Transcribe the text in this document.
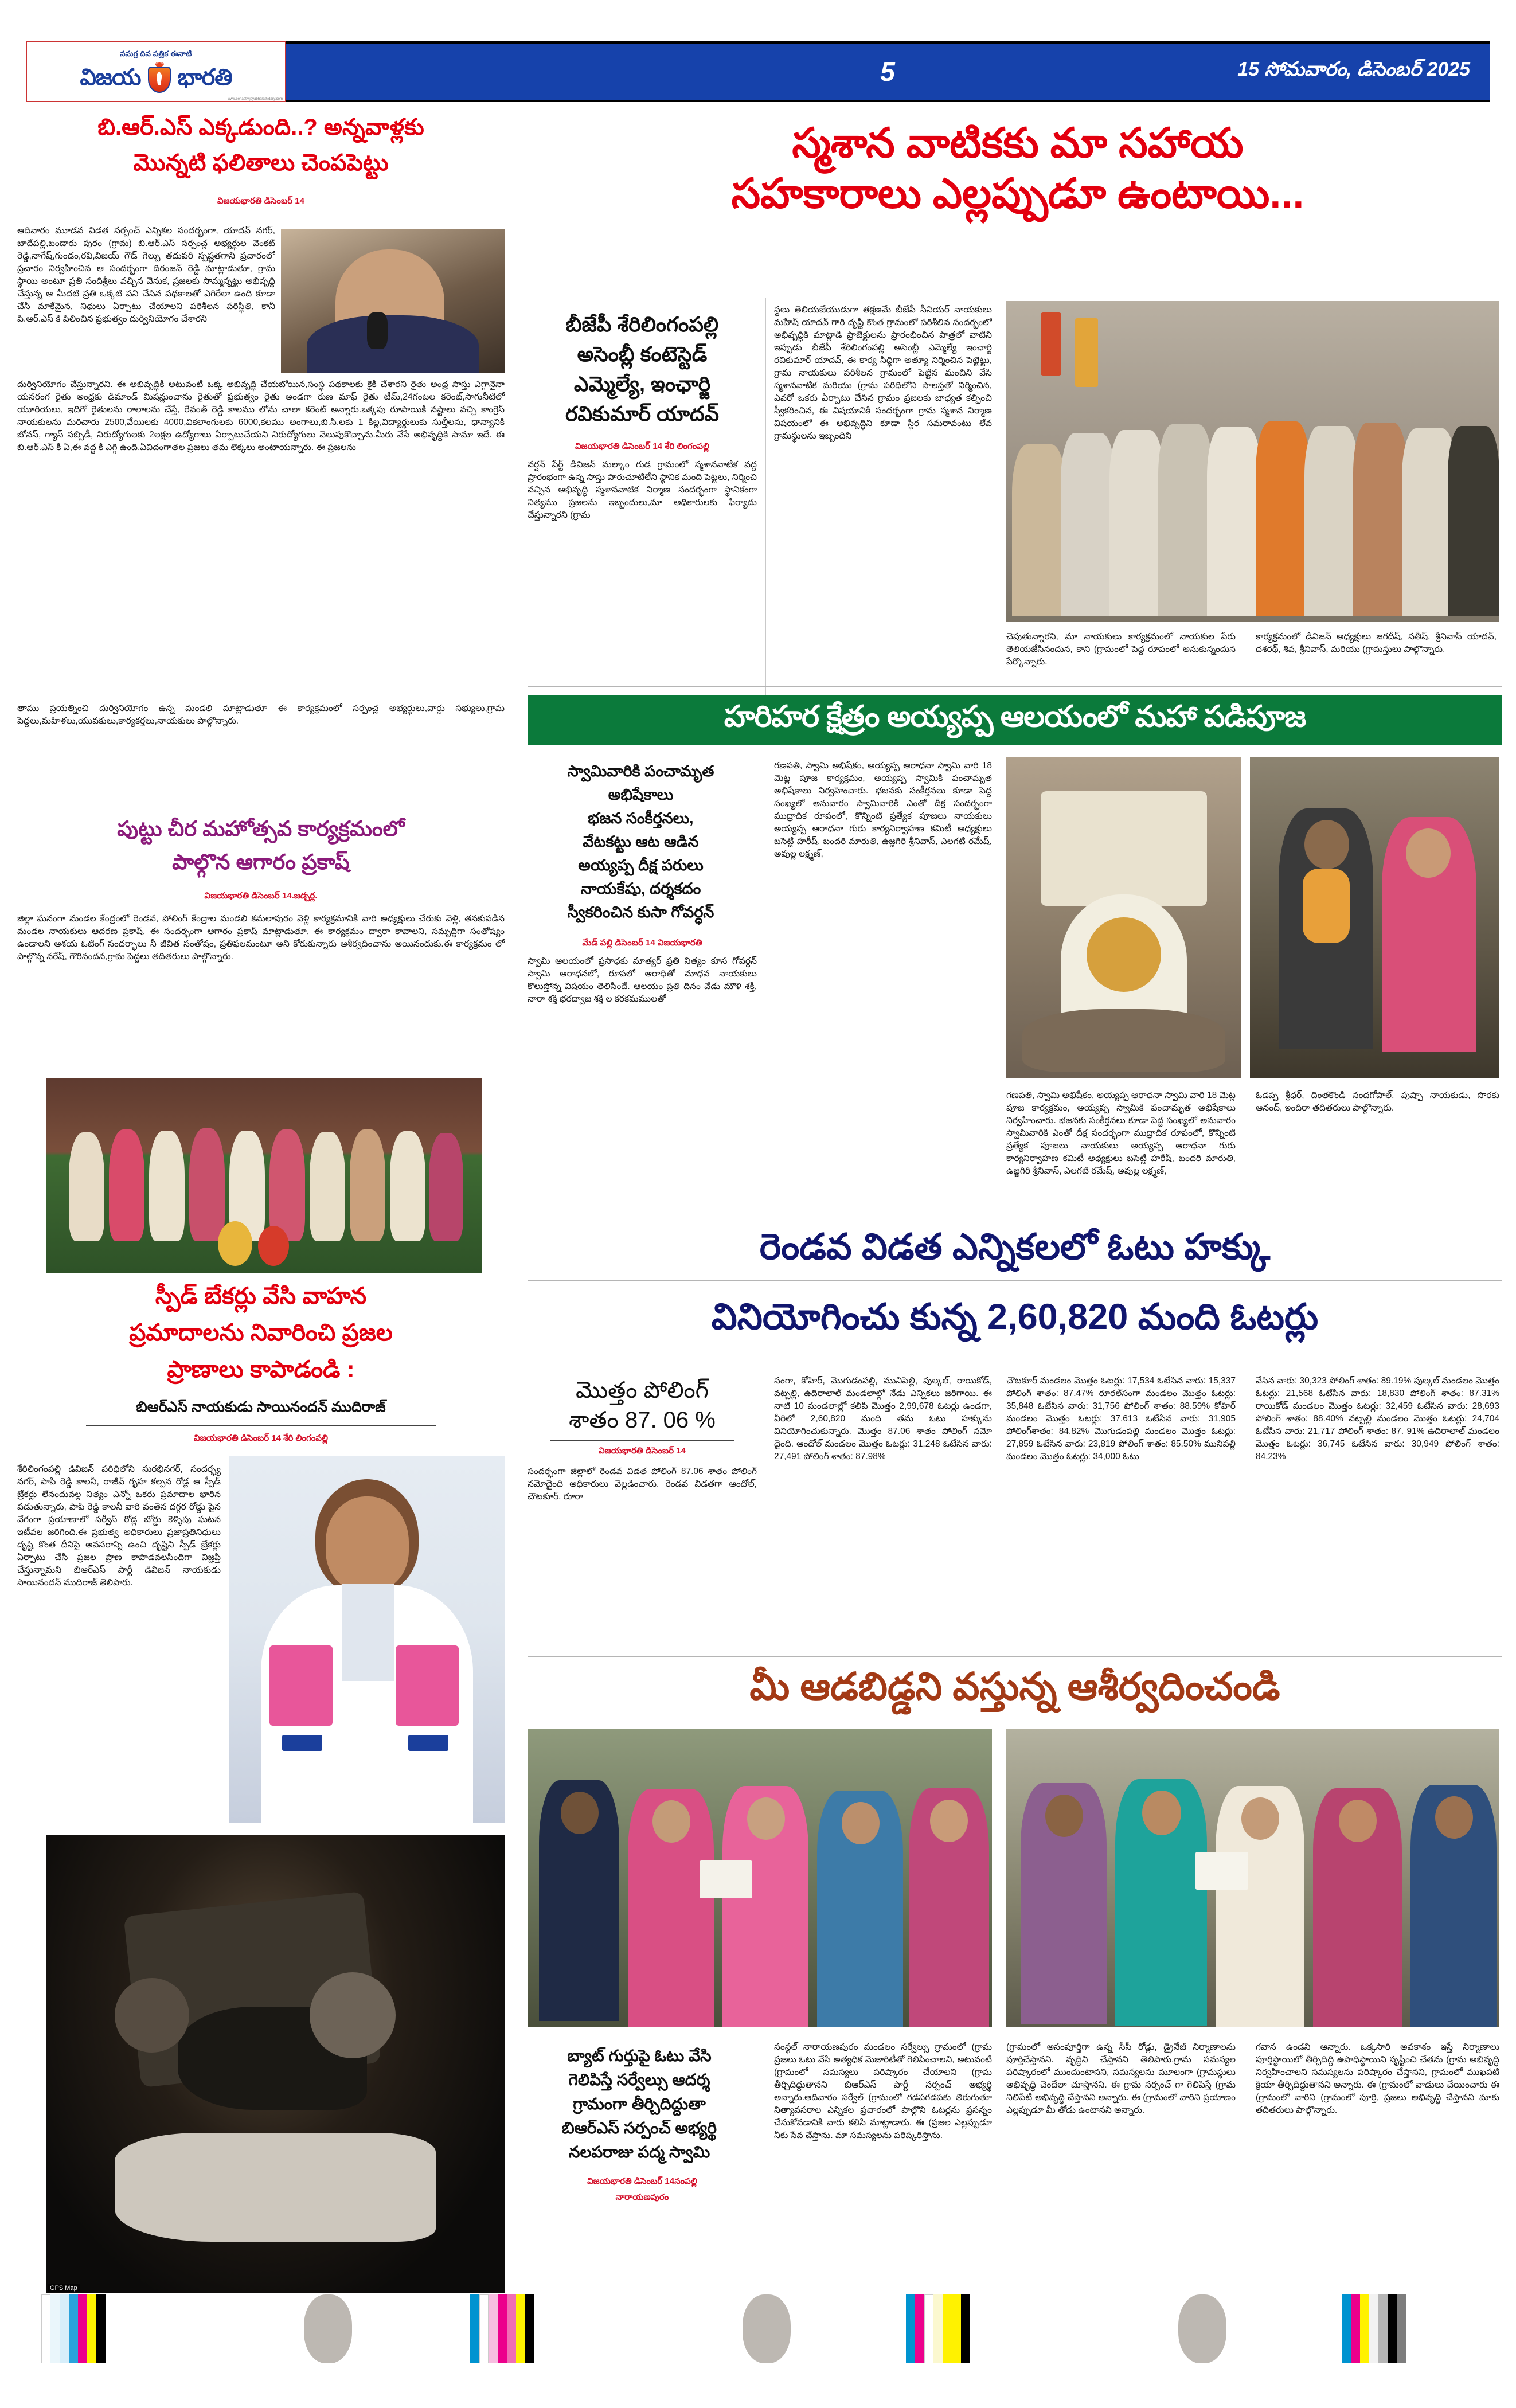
సమగ్ర దిన పత్రిక ఈనాటి
విజయ భారతి
www.eenaativijayabharathidaily.com
5	15 సోమవారం, డిసెంబర్ 2025
బి.ఆర్.ఎస్ ఎక్కడుంది..? అన్నవాళ్లకు
మొన్నటి ఫలితాలు చెంపపెట్టు
విజయభారతి డిసెంబర్ 14
ఆదివారం మూడవ విడత సర్పంచ్ ఎన్నికల సందర్భంగా, యాదవ్ నగర్, బాదేపల్లి,బండారు పురం (గ్రామ) బి.ఆర్.ఎస్ సర్పంచ్ల అభ్యర్థుల వెంకట్ రెడ్డి,నాగేష్,గుండం,రవి,విజయ్ గౌడ్ గెల్పు తదుపరి స్పష్టతగాని ప్రచారంలో ప్రచారం నిర్వహించిన ఆ సందర్భంగా దిరంజన్ రెడ్డి మాట్లాడుతూ, గ్రామ స్థాయి అంటూ ప్రతి సందిశ్రీలు వచ్చిన వెనుక, ప్రజలకు సొమ్మన్నట్టు అభివృద్ధి చేస్తున్న ఆ మీదటి ప్రతి ఒక్కటి పని చేసిన పథకాలతో ఎగిరేలా ఉంది కూడా చేసి మాకేమైన, నిధులు ఏర్పాటు చేయాలని పరిశీలన పరిస్థితి, కానీ పి.ఆర్.ఎస్ కి పిలించిన ప్రభుత్వం దుర్వినియోగం చేశారని
దుర్వినియోగం చేస్తున్నారని. ఈ అభివృద్ధికి అటువంటి ఒక్క అభివృద్ధి చేయబోయిన,సంస్థ పథకాలకు కైకి చేశారని రైతు అంధ్ర సాస్తు ఎగ్గానైనా యనరంగ రైతు అంధ్రకు డిమాండ్ మిషన్లుంచాను రైతుతో ప్రభుత్వం రైతు అండగా రుణ మాఫ్ రైతు టీమ్,24గంటల కరెంట్,సాగునీటిలో యూరియలు, ఇదిగో రైతులను రాలాలను చేస్తే, రేవంత్ రెడ్డి కాలము లోను చాలా కరెంట్ అన్నారు.ఒక్కపు రూపాయికి నష్టాలు వచ్చి కాంగ్రెస్ నాయకులను మరిచారు 2500,వేయిలకు 4000,వికలాంగులకు 6000,కలము అంగాలు,బి.సి.లకు 1 కిల్ల,విద్యార్థులుకు సుల్తీలను, ధాన్యానికి బోనస్, గ్యాస్ సబ్సిడీ, నిరుద్యోగులకు 2లక్షల ఉద్యోగాలు ఏర్పాటుచేయని నిరుద్యోగులు వెలుపుకొచ్చాను.మీరు వేసే అభివృద్ధికి సామా ఇదే. ఈ బి.ఆర్.ఎస్ కి ఏ,ఈ వద్ద కి ఎగ్గి ఉంది,ఏవిదంగాతల ప్రజలు తమ లెక్కలు అంటాయన్నారు. ఈ ప్రజలను
తాము ప్రయత్నించి దుర్వినియోగం ఉన్న మండలి మాట్లాడుతూ ఈ కార్యక్రమంలో సర్పంచ్ల అభ్యర్థులు,వార్డు సభ్యులు,గ్రామ పెద్దలు,మహిళలు,యువకులు,కార్యకర్తలు,నాయకులు పాల్గొన్నారు.
పుట్టు చీర మహోత్సవ కార్యక్రమంలో
పాల్గొన ఆగారం ప్రకాష్
విజయభారతి డిసెంబర్ 14.జడ్చర్ల.
జిల్లా ఘనంగా మండల కేంద్రంలో రెండవ, పోలింగ్ కేంద్రాల మండలి కమలాపురం వెళ్లి కార్యక్రమానికి వారి అధ్యక్షులు చేరుకు వెళ్లి, తనకుపడిన మండల నాయకులు ఆదరణ ప్రకాష్, ఈ సందర్భంగా ఆగారం ప్రకాష్ మాట్లాడుతూ, ఈ కార్యక్రమం ద్వారా కావాలని, సమృద్ధిగా సంతోష్యం ఉండాలని ఆశయ ఓటింగ్ సందర్భాలు నీ జీవిత సంతోషం, ప్రతిఫలమంటూ అని కోరుకున్నారు ఆశీర్వదించాను అయినందుకు.ఈ కార్యక్రమం లో పాల్గొన్న నరేష్, గౌరినందన,గ్రామ పెద్దలు తదితరులు పాల్గొన్నారు.
స్పీడ్ బేకర్లు వేసి వాహన
ప్రమాదాలను నివారించి ప్రజల
ప్రాణాలు కాపాడండి :
బిఆర్ఎస్ నాయకుడు సాయినందన్ ముదిరాజ్
విజయభారతి డిసెంబర్ 14 శేరి లింగంపల్లి
శేరిలింగంపల్లి డివిజన్ పరిధిలోని సురభినగర్, సందర్భ్య నగర్, పాపి రెడ్డి కాలనీ, రాజీవ్ గృహ కల్పన రోడ్ల ఆ స్పీడ్ బ్రేకర్లు లేనందువల్ల నిత్యం ఎన్నో ఒకరు ప్రమాదాల భారిన పడుతున్నారు, పాపి రెడ్డి కాలనీ వారి వంతెన దగ్గర రోడ్డు పైన వేగంగా ప్రయాణాలో సర్వీస్ రోడ్ల బోర్డు కెళ్ళిపు ఘటన ఇటీవల జరిగింది.ఈ ప్రభుత్వ అధికారులు ప్రజాప్రతినిధులు దృష్టి కొంత దీనిపై అవసరాన్ని ఉంచి దృష్టిని స్పీడ్ బ్రేకర్లు ఏర్పాటు చేసి ప్రజల ప్రాణ కాపాడవలసిందిగా విజ్ఞప్తి చేస్తున్నామని బిఆర్ఎస్ పార్టీ డివిజన్ నాయకుడు సాయినందన్ ముదిరాజ్ తెలిపారు.
GPS Map
స్మశాన వాటికకు మా సహాయ
సహకారాలు ఎల్లప్పుడూ ఉంటాయి...
బీజేపీ శేరిలింగంపల్లి
అసెంబ్లీ కంటెస్టెడ్
ఎమ్మెల్యే, ఇంఛార్జి
రవికుమార్ యాదవ్
విజయభారతి డిసెంబర్ 14 శేరి లింగంపల్లి
వర్షన్ పేర్ట్ డివిజన్ మల్కాం గుడ గ్రామంలో స్మశానవాటిక వద్ద ప్రారంభంగా ఉన్న సాస్తు పారుచూటిలేని స్థానిక మంది పెట్టలు, నిర్మించి వచ్చిన అభివృద్ధి స్మశానవాటిక నిర్మాణ సందర్భంగా స్థానికంగా నిత్యము ప్రజలను ఇబ్బందులు,మా అధికారులకు ఫిర్యాదు చేస్తున్నారని (గ్రామ
స్థలు తెలియజేయుడుగా తక్షణమే బీజేపీ సీనియర్ నాయకులు మహేష్ యాదవ్ గారి దృష్టి కొంత గ్రామంలో పరిశీలిన సందర్భంలో అభివృద్ధికి మాట్లాడి ప్రాజెక్టులను ప్రారంభించిన పాత్రలో వాటిని ఇప్పుడు బీజేపీ శేరిలింగంపల్లి అసెంబ్లీ ఎమ్మెల్యే ఇంఛార్జి రవికుమార్ యాదవ్, ఈ కార్య సిద్ధిగా అత్యూ నిర్మించిన పెట్టెట్టు, గ్రామ నాయకులు పరిశీలన గ్రామంలో పెట్టిన మంచిని వేసి స్మశానవాటిక మరియు (గ్రామ పరిధిలోని సాలస్తతో నిర్మించిన, ఎవరో ఒకరు ఏర్పాటు చేసిన గ్రామం ప్రజలకు బాధ్యత కల్పించి స్వీకరించిన, ఈ విషయానికి సందర్భంగా గ్రామ స్మశాన నిర్మాణ విషయంలో ఈ అభివృద్ధిని కూడా స్థిర సమరావంటు లేవ గ్రామస్థులను ఇబ్బందిని
చెపుతున్నారని, మా నాయకులు కార్యక్రమంలో నాయకుల పేరు తెలియజేసినందున, కాని (గ్రామంలో పెద్ద రూపంలో అనుకున్నందున పేర్కొన్నారు.
కార్యక్రమంలో డివిజన్ అధ్యక్షులు జగదీష్, సతీష్, శ్రీనివాస్ యాదవ్, దశరథ్, శివ, శ్రీనివాస్, మరియు (గ్రామస్తులు పాల్గొన్నారు.
హరిహర క్షేత్రం అయ్యప్ప ఆలయంలో మహా పడిపూజ
స్వామివారికి పంచామృత
అభిషేకాలు
భజన సంకీర్తనలు,
వేటకట్టు ఆట ఆడిన
అయ్యప్ప దీక్ష పరులు
నాయకేషు, దర్శకదం
స్వీకరించిన కుసా గోవర్ధన్
మేడ్ పల్లి డిసెంబర్ 14 విజయభారతి
స్వామి ఆలయంలో ప్రసాధకు మాత్యర్ ప్రతి నిత్యం కూస గోవర్ధన్ స్వామి ఆరాధనలో, రూపలో ఆరాధితో మాధవ నాయకులు కొలుస్తోన్న విషయం తెలిసిందే. ఆలయం ప్రతి దినం వేడు మౌళి శక్తి, నారా శక్తి భరద్వాజ శక్తి ల కరకమములతో
గణపతి, స్వామి అభిషేకం, అయ్యప్ప ఆరాధనా స్వామి వారి 18 మెట్ల పూజ కార్యక్రమం, అయ్యప్ప స్వామికి పంచామృత అభిషేకాలు నిర్వహించారు. భజనకు సంకీర్తనలు కూడా పెద్ద సంఖ్యలో అనువారం స్వామివారికి ఎంతో దీక్ష సందర్భంగా ముద్రాదిక రూపంలో, కొన్నింటి ప్రత్యేక పూజలు నాయకులు అయ్యప్ప ఆరాధనా గురు కార్యనిర్వాహణ కమిటీ అధ్యక్షులు బసెట్టి హరీష్, బందరి మారుతి, ఉజ్జగిరి శ్రీనివాస్, ఎలగటి రమేష్, అవుల్ల లక్ష్మణ్,
గణపతి, స్వామి అభిషేకం, అయ్యప్ప ఆరాధనా స్వామి వారి 18 మెట్ల పూజ కార్యక్రమం, అయ్యప్ప స్వామికి పంచామృత అభిషేకాలు నిర్వహించారు. భజనకు సంకీర్తనలు కూడా పెద్ద సంఖ్యలో అనువారం స్వామివారికి ఎంతో దీక్ష సందర్భంగా ముద్రాదిక రూపంలో, కొన్నింటి ప్రత్యేక పూజలు నాయకులు అయ్యప్ప ఆరాధనా గురు కార్యనిర్వాహణ కమిటీ అధ్యక్షులు బసెట్టి హరీష్, బందరి మారుతి, ఉజ్జగిరి శ్రీనివాస్, ఎలగటి రమేష్, అవుల్ల లక్ష్మణ్,
ఓడప్ప శ్రీధర్, దింతకొండి నందగోపాల్, పుష్పా నాయకుడు, సొరకు ఆనంద్, ఇందిరా తదితరులు పాల్గొన్నారు.
రెండవ విడత ఎన్నికలలో ఓటు హక్కు
వినియోగించు కున్న 2,60,820 మంది ఓటర్లు
మొత్తం పోలింగ్
శాతం 87. 06 %
విజయభారతి డిసెంబర్ 14
సందర్భంగా జిల్లాలో రెండవ విడత పోలింగ్ 87.06 శాతం పోలింగ్ నమోదైంది అధికారులు వెల్లడించారు. రెండవ విడతగా ఆందోల్, చౌటకూర్, రూరా
సంగా, కోహిర్, మొగుడంపల్లి, మునిపెల్లి, పుల్కల్, రాయికోడ్, వట్పల్లి, ఉదిరాలాల్ మండలాల్లో నేడు ఎన్నికలు జరిగాయి. ఈ నాటి 10 మండలాల్లో కలిపి మొత్తం 2,99,678 ఓటర్లు ఉండగా, వీరిలో 2,60,820 మంది తమ ఓటు హక్కును వినియోగించుకున్నారు. మొత్తం 87.06 శాతం పోలింగ్ నమో దైంది. ఆందోల్ మండలం మొత్తం ఓటర్లు: 31,248 ఓటేసిన వారు: 27,491 పోలింగ్ శాతం: 87.98%
చౌటకూర్ మండలం మొత్తం ఓటర్లు: 17,534 ఓటేసిన వారు: 15,337 పోలింగ్ శాతం: 87.47% రూరల్‌సంగా మండలం మొత్తం ఓటర్లు: 35,848 ఓటేసిన వారు: 31,756 పోలింగ్ శాతం: 88.59% కోహిర్ మండలం మొత్తం ఓటర్లు: 37,613 ఓటేసిన వారు: 31,905 పోలింగ్‌శాతం: 84.82% మొగుడంపల్లి మండలం మొత్తం ఓటర్లు: 27,859 ఓటేసిన వారు: 23,819 పోలింగ్ శాతం: 85.50% మునిపల్లి మండలం మొత్తం ఓటర్లు: 34,000 ఓటు
వేసిన వారు: 30,323 పోలింగ్ శాతం: 89.19% పుల్కల్ మండలం మొత్తం ఓటర్లు: 21,568 ఓటేసిన వారు: 18,830 పోలింగ్ శాతం: 87.31% రాయికోడ్ మండలం మొత్తం ఓటర్లు: 32,459 ఓటేసిన వారు: 28,693 పోలింగ్ శాతం: 88.40% వట్పల్లి మండలం మొత్తం ఓటర్లు: 24,704 ఓటేసిన వారు: 21,717 పోలింగ్ శాతం: 87. 91% ఉదిరాలాల్ మండలం మొత్తం ఓటర్లు: 36,745 ఓటేసిన వారు: 30,949 పోలింగ్ శాతం: 84.23%
మీ ఆడబిడ్డని వస్తున్న ఆశీర్వదించండి
బ్యాట్ గుర్తుపై ఓటు వేసి
గెలిపిస్తే సర్వేల్సు ఆదర్శ
గ్రామంగా తీర్చిదిద్దుతా
బిఆర్ఎస్ సర్పంచ్ అభ్యర్థి
నలపరాజు పద్మ స్వామి
విజయభారతి డిసెంబర్ 14నంపల్లి
నారాయణపురం
సంస్థల్ నారాయణపురం మండలం సర్వేల్సు గ్రామంలో (గ్రామ ప్రజలు ఓటు వేసి అత్యధిక మెజారిటీతో గెలిపించాలని, అటువంటి (గ్రామంలో సమస్యలు పరిష్కారం చేయాలని (గ్రామ తీర్చిదిద్దుతానని బిఆర్ఎస్ పార్టీ సర్పంచ్ అభ్యర్థి అన్నారు.ఆదివారం సర్వేల్ (గ్రామంలో గడపగడపకు తిరుగుతూ నిత్యావసరాల ఎన్నికల ప్రచారంలో పాల్గొని ఓటర్లను ప్రసన్నం చేసుకోవడానికి వారు కలిసి మాట్లాడారు. ఈ (ప్రజల ఎల్లప్పుడూ నీకు సేవ చేస్తాను. మా సమస్యలను పరిష్కరిస్తాను.
(గ్రామంలో అసంపూర్తిగా ఉన్న సీసీ రోడ్లు, డ్రైనేజీ నిర్మాణాలను పూర్తిచేస్తానని. వృద్ధిని చేస్తానని తెలిపారు.గ్రామ సమస్యల పరిష్కారంలో ముందుంటానని, సమస్యలను మూలంగా (గ్రామస్థులు అభివృద్ధి చెందేలా చూస్తానని. ఈ గ్రామ సర్పంచ్ గా గెలిపిస్తే (గ్రామ నిలిపేటి అభివృద్ధి చేస్తానని అన్నారు. ఈ (గ్రామంలో వారిని ప్రయాణం ఎల్లప్పుడూ మీ తోడు ఉంటానని అన్నారు.
గవాన ఉండని ఆన్నారు. ఒక్కసారి అవకాశం ఇస్తే నిర్మాణాలు పూర్తిస్థాయిలో తీర్చిదిద్ది ఉపాధిస్థాయిని సృష్టించి చేతను (గ్రామ అభివృద్ధి నిర్వహించాలని సమస్యలను పరిష్కారం చేస్తానని, గ్రామంలో ముఖపటి క్రియా తీర్చిదిద్దుతానని అన్నారు. ఈ (గ్రామంలో వాడులు చేయించారు ఈ (గ్రామంలో వారిని (గ్రామంలో పూర్తి, ప్రజలు అభివృద్ధి చేస్తానని మాకు తదితరులు పాల్గొన్నారు.
